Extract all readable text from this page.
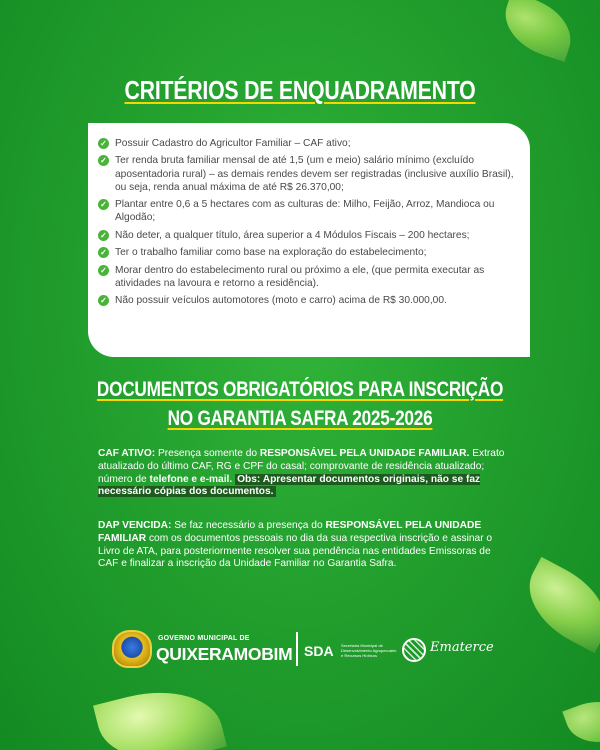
CRITÉRIOS DE ENQUADRAMENTO
✓ Possuir Cadastro do Agricultor Familiar – CAF ativo;
✓ Ter renda bruta familiar mensal de até 1,5 (um e meio) salário mínimo (excluído aposentadoria rural) – as demais rendes devem ser registradas (inclusive auxílio Brasil), ou seja, renda anual máxima de até R$ 26.370,00;
✓ Plantar entre 0,6 a 5 hectares com as culturas de: Milho, Feijão, Arroz, Mandioca ou Algodão;
✓ Não deter, a qualquer título, área superior a 4 Módulos Fiscais – 200 hectares;
✓ Ter o trabalho familiar como base na exploração do estabelecimento;
✓ Morar dentro do estabelecimento rural ou próximo a ele, (que permita executar as atividades na lavoura e retorno a residência).
✓ Não possuir veículos automotores (moto e carro) acima de R$ 30.000,00.
DOCUMENTOS OBRIGATÓRIOS PARA INSCRIÇÃO
NO GARANTIA SAFRA 2025-2026

CAF ATIVO: Presença somente do RESPONSÁVEL PELA UNIDADE FAMILIAR. Extrato atualizado do último CAF, RG e CPF do casal; comprovante de residência atualizado; número de telefone e e-mail. Obs: Apresentar documentos originais, não se faz necessário cópias dos documentos.

DAP VENCIDA: Se faz necessário a presença do RESPONSÁVEL PELA UNIDADE FAMILIAR com os documentos pessoais no dia da sua respectiva inscrição e assinar o Livro de ATA, para posteriormente resolver sua pendência nas entidades Emissoras de CAF e finalizar a inscrição da Unidade Familiar no Garantia Safra.

GOVERNO MUNICIPAL DE
QUIXERAMOBIM SDA Secretaria Municipal de Desenvolvimento Agropecuário e Recursos Hídricos
Ematerce
